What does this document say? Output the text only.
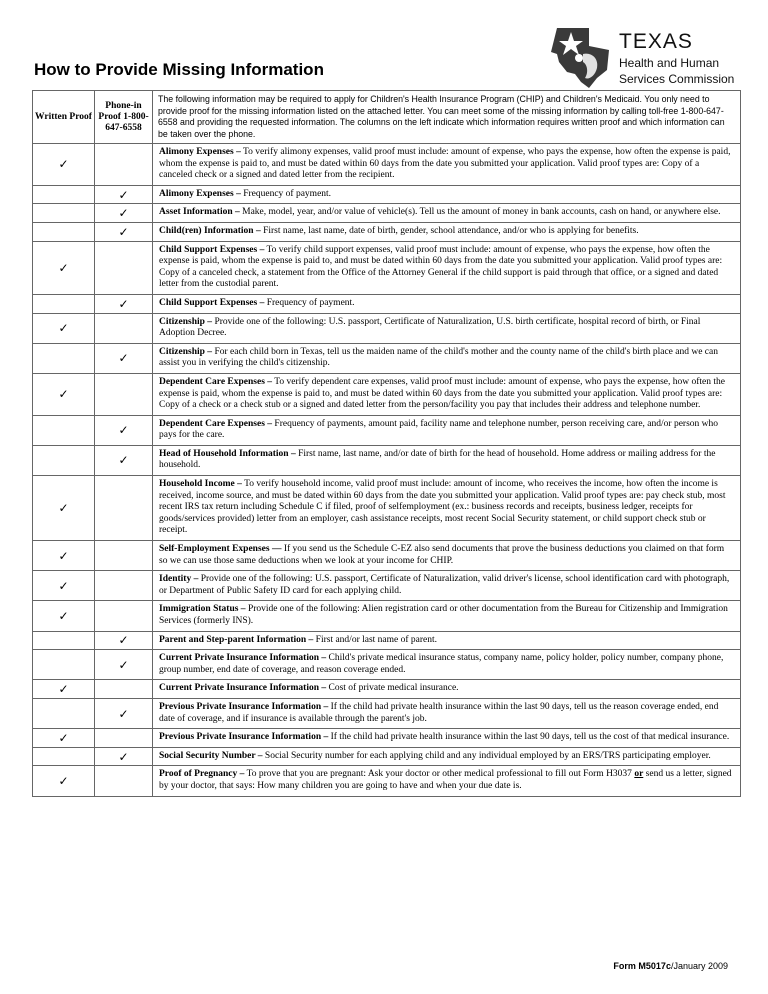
How to Provide Missing Information
TEXAS
Health and Human
Services Commission
Written Proof	Phone-in Proof 1-800-647-6558	The following information may be required to apply for Children's Health Insurance Program (CHIP) and Children's Medicaid. You only need to provide proof for the missing information listed on the attached letter. You can meet some of the missing information by calling toll-free 1-800-647-6558 and providing the requested information. The columns on the left indicate which information requires written proof and which information can be taken over the phone.
✓		Alimony Expenses – To verify alimony expenses, valid proof must include: amount of expense, who pays the expense, how often the expense is paid, whom the expense is paid to, and must be dated within 60 days from the date you submitted your application. Valid proof types are: Copy of a canceled check or a signed and dated letter from the recipient.
	✓	Alimony Expenses – Frequency of payment.
	✓	Asset Information – Make, model, year, and/or value of vehicle(s). Tell us the amount of money in bank accounts, cash on hand, or anywhere else.
	✓	Child(ren) Information – First name, last name, date of birth, gender, school attendance, and/or who is applying for benefits.
✓		Child Support Expenses – To verify child support expenses, valid proof must include: amount of expense, who pays the expense, how often the expense is paid, whom the expense is paid to, and must be dated within 60 days from the date you submitted your application. Valid proof types are: Copy of a canceled check, a statement from the Office of the Attorney General if the child support is paid through that office, or a signed and dated letter from the custodial parent.
	✓	Child Support Expenses – Frequency of payment.
✓		Citizenship – Provide one of the following: U.S. passport, Certificate of Naturalization, U.S. birth certificate, hospital record of birth, or Final Adoption Decree.
	✓	Citizenship – For each child born in Texas, tell us the maiden name of the child's mother and the county name of the child's birth place and we can assist you in verifying the child's citizenship.
✓		Dependent Care Expenses – To verify dependent care expenses, valid proof must include: amount of expense, who pays the expense, how often the expense is paid, whom the expense is paid to, and must be dated within 60 days from the date you submitted your application. Valid proof types are: Copy of a check or a check stub or a signed and dated letter from the person/facility you pay that includes their address and telephone number.
	✓	Dependent Care Expenses – Frequency of payments, amount paid, facility name and telephone number, person receiving care, and/or person who pays for the care.
	✓	Head of Household Information – First name, last name, and/or date of birth for the head of household. Home address or mailing address for the household.
✓		Household Income – To verify household income, valid proof must include: amount of income, who receives the income, how often the income is received, income source, and must be dated within 60 days from the date you submitted your application. Valid proof types are: pay check stub, most recent IRS tax return including Schedule C if filed, proof of selfemployment (ex.: business records and receipts, business ledger, receipts for goods/services provided) letter from an employer, cash assistance receipts, most recent Social Security statement, or child support check stub or receipt.
✓		Self-Employment Expenses — If you send us the Schedule C-EZ also send documents that prove the business deductions you claimed on that form so we can use those same deductions when we look at your income for CHIP.
✓		Identity – Provide one of the following: U.S. passport, Certificate of Naturalization, valid driver's license, school identification card with photograph, or Department of Public Safety ID card for each applying child.
✓		Immigration Status – Provide one of the following: Alien registration card or other documentation from the Bureau for Citizenship and Immigration Services (formerly INS).
	✓	Parent and Step-parent Information – First and/or last name of parent.
	✓	Current Private Insurance Information – Child's private medical insurance status, company name, policy holder, policy number, company phone, group number, end date of coverage, and reason coverage ended.
✓		Current Private Insurance Information – Cost of private medical insurance.
	✓	Previous Private Insurance Information – If the child had private health insurance within the last 90 days, tell us the reason coverage ended, end date of coverage, and if insurance is available through the parent's job.
✓		Previous Private Insurance Information – If the child had private health insurance within the last 90 days, tell us the cost of that medical insurance.
	✓	Social Security Number – Social Security number for each applying child and any individual employed by an ERS/TRS participating employer.
✓		Proof of Pregnancy – To prove that you are pregnant: Ask your doctor or other medical professional to fill out Form H3037 or send us a letter, signed by your doctor, that says: How many children you are going to have and when your due date is.
Form M5017c/January 2009
